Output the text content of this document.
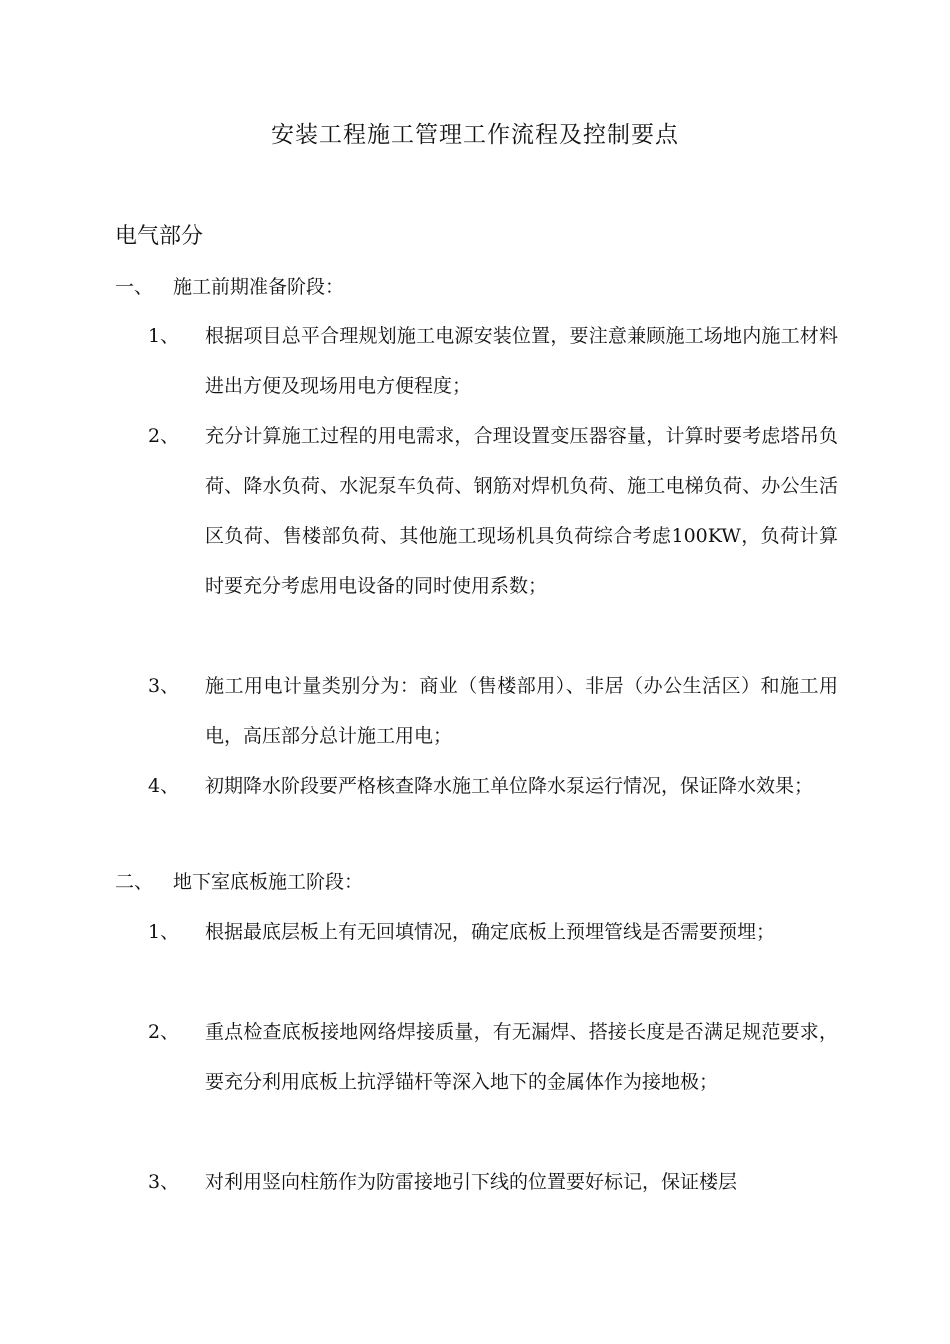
安装工程施工管理工作流程及控制要点
电气部分
一、 施工前期准备阶段：
1、 根据项目总平合理规划施工电源安装位置，要注意兼顾施工场地内施工材料进出方便及现场用电方便程度；
2、 充分计算施工过程的用电需求，合理设置变压器容量，计算时要考虑塔吊负荷、降水负荷、水泥泵车负荷、钢筋对焊机负荷、施工电梯负荷、办公生活区负荷、售楼部负荷、其他施工现场机具负荷综合考虑100KW，负荷计算时要充分考虑用电设备的同时使用系数；
3、 施工用电计量类别分为：商业（售楼部用）、非居（办公生活区）和施工用电，高压部分总计施工用电；
4、 初期降水阶段要严格核查降水施工单位降水泵运行情况，保证降水效果；
二、 地下室底板施工阶段：
1、 根据最底层板上有无回填情况，确定底板上预埋管线是否需要预埋；
2、 重点检查底板接地网络焊接质量，有无漏焊、搭接长度是否满足规范要求，要充分利用底板上抗浮锚杆等深入地下的金属体作为接地极；
3、 对利用竖向柱筋作为防雷接地引下线的位置要好标记，保证楼层
